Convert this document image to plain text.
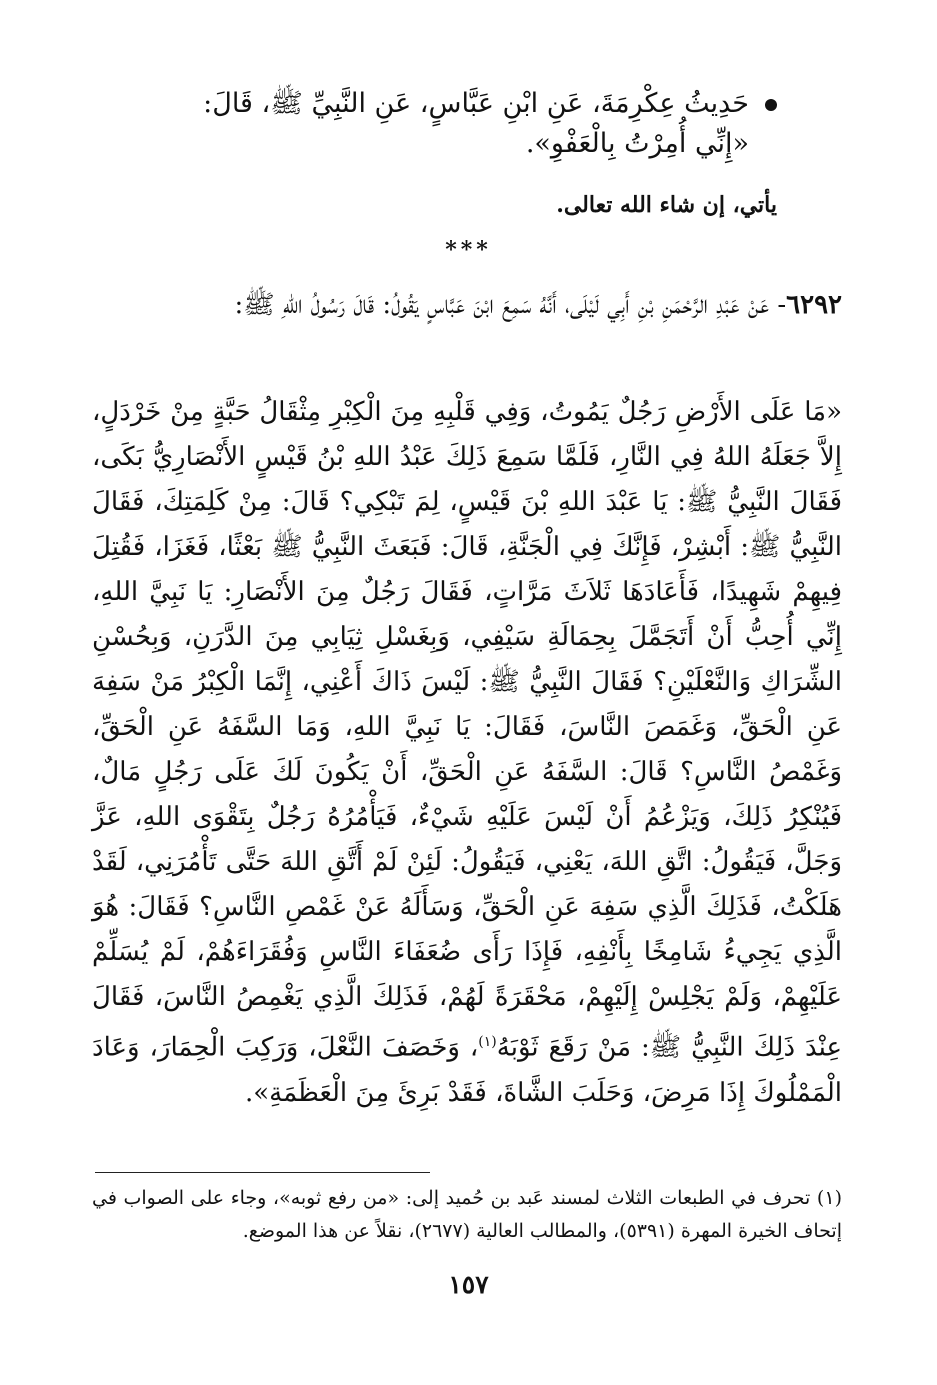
حَدِيثُ عِكْرِمَةَ، عَنِ ابْنِ عَبَّاسٍ، عَنِ النَّبِيِّ ﷺ، قَالَ:
«إِنِّي أُمِرْتُ بِالْعَفْوِ».
يأتي، إن شاء الله تعالى.
***
٦٢٩٢- عَنْ عَبْدِ الرَّحْمَنِ بْنِ أَبِي لَيْلَى، أَنَّهُ سَمِعَ ابْنَ عَبَّاسٍ يَقُولُ: قَالَ رَسُولُ اللهِ ﷺ:
«مَا عَلَى الأَرْضِ رَجُلٌ يَمُوتُ، وَفِي قَلْبِهِ مِنَ الْكِبْرِ مِثْقَالُ حَبَّةٍ مِنْ خَرْدَلٍ، إِلاَّ جَعَلَهُ اللهُ فِي النَّارِ، فَلَمَّا سَمِعَ ذَلِكَ عَبْدُ اللهِ بْنُ قَيْسٍ الأَنْصَارِيُّ بَكَى، فَقَالَ النَّبِيُّ ﷺ: يَا عَبْدَ اللهِ بْنَ قَيْسٍ، لِمَ تَبْكِي؟ قَالَ: مِنْ كَلِمَتِكَ، فَقَالَ النَّبِيُّ ﷺ: أَبْشِرْ، فَإِنَّكَ فِي الْجَنَّةِ، قَالَ: فَبَعَثَ النَّبِيُّ ﷺ بَعْثًا، فَغَزَا، فَقُتِلَ فِيهِمْ شَهِيدًا، فَأَعَادَهَا ثَلاَثَ مَرَّاتٍ، فَقَالَ رَجُلٌ مِنَ الأَنْصَارِ: يَا نَبِيَّ اللهِ، إِنِّي أُحِبُّ أَنْ أَتَجَمَّلَ بِحِمَالَةِ سَيْفِي، وَبِغَسْلِ ثِيَابِي مِنَ الدَّرَنِ، وَبِحُسْنِ الشِّرَاكِ وَالنَّعْلَيْنِ؟ فَقَالَ النَّبِيُّ ﷺ: لَيْسَ ذَاكَ أَعْنِي، إِنَّمَا الْكِبْرُ مَنْ سَفِهَ عَنِ الْحَقِّ، وَغَمَصَ النَّاسَ، فَقَالَ: يَا نَبِيَّ اللهِ، وَمَا السَّفَهُ عَنِ الْحَقِّ، وَغَمْصُ النَّاسِ؟ قَالَ: السَّفَهُ عَنِ الْحَقِّ، أَنْ يَكُونَ لَكَ عَلَى رَجُلٍ مَالٌ، فَيُنْكِرُ ذَلِكَ، وَيَزْعُمُ أَنْ لَيْسَ عَلَيْهِ شَيْءٌ، فَيَأْمُرُهُ رَجُلٌ بِتَقْوَى اللهِ، عَزَّ وَجَلَّ، فَيَقُولُ: اتَّقِ اللهَ، يَعْنِي، فَيَقُولُ: لَئِنْ لَمْ أَتَّقِ اللهَ حَتَّى تَأْمُرَنِي، لَقَدْ هَلَكْتُ، فَذَلِكَ الَّذِي سَفِهَ عَنِ الْحَقِّ، وَسَأَلَهُ عَنْ غَمْصِ النَّاسِ؟ فَقَالَ: هُوَ الَّذِي يَجِيءُ شَامِخًا بِأَنْفِهِ، فَإِذَا رَأَى ضُعَفَاءَ النَّاسِ وَفُقَرَاءَهُمْ، لَمْ يُسَلِّمْ عَلَيْهِمْ، وَلَمْ يَجْلِسْ إِلَيْهِمْ، مَحْقَرَةً لَهُمْ، فَذَلِكَ الَّذِي يَغْمِصُ النَّاسَ، فَقَالَ عِنْدَ ذَلِكَ النَّبِيُّ ﷺ: مَنْ رَقَعَ ثَوْبَهُ$^{(١)}$، وَخَصَفَ النَّعْلَ، وَرَكِبَ الْحِمَارَ، وَعَادَ الْمَمْلُوكَ إِذَا مَرِضَ، وَحَلَبَ الشَّاةَ، فَقَدْ بَرِئَ مِنَ الْعَظَمَةِ».
(١) تحرف في الطبعات الثلاث لمسند عَبد بن حُميد إلى: «من رفع ثوبه»، وجاء على الصواب في إتحاف الخيرة المهرة (٥٣٩١)، والمطالب العالية (٢٦٧٧)، نقلاً عن هذا الموضع.
١٥٧
